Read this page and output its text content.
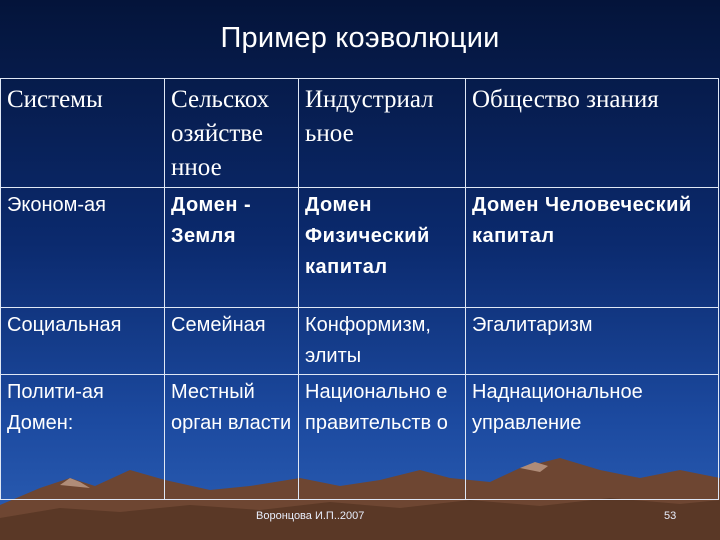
Пример коэволюции
Системы	Сельскох озяйстве нное	Индустриал ьное	Общество знания
Эконом-ая	Домен - Земля	Домен Физический капитал	Домен Человеческий капитал
Социальная	Семейная	Конформизм, элиты	Эгалитаризм
Полити-ая Домен:	Местный орган власти	Национально е правительств о	Наднациональное управление
Воронцова И.П..2007	53
